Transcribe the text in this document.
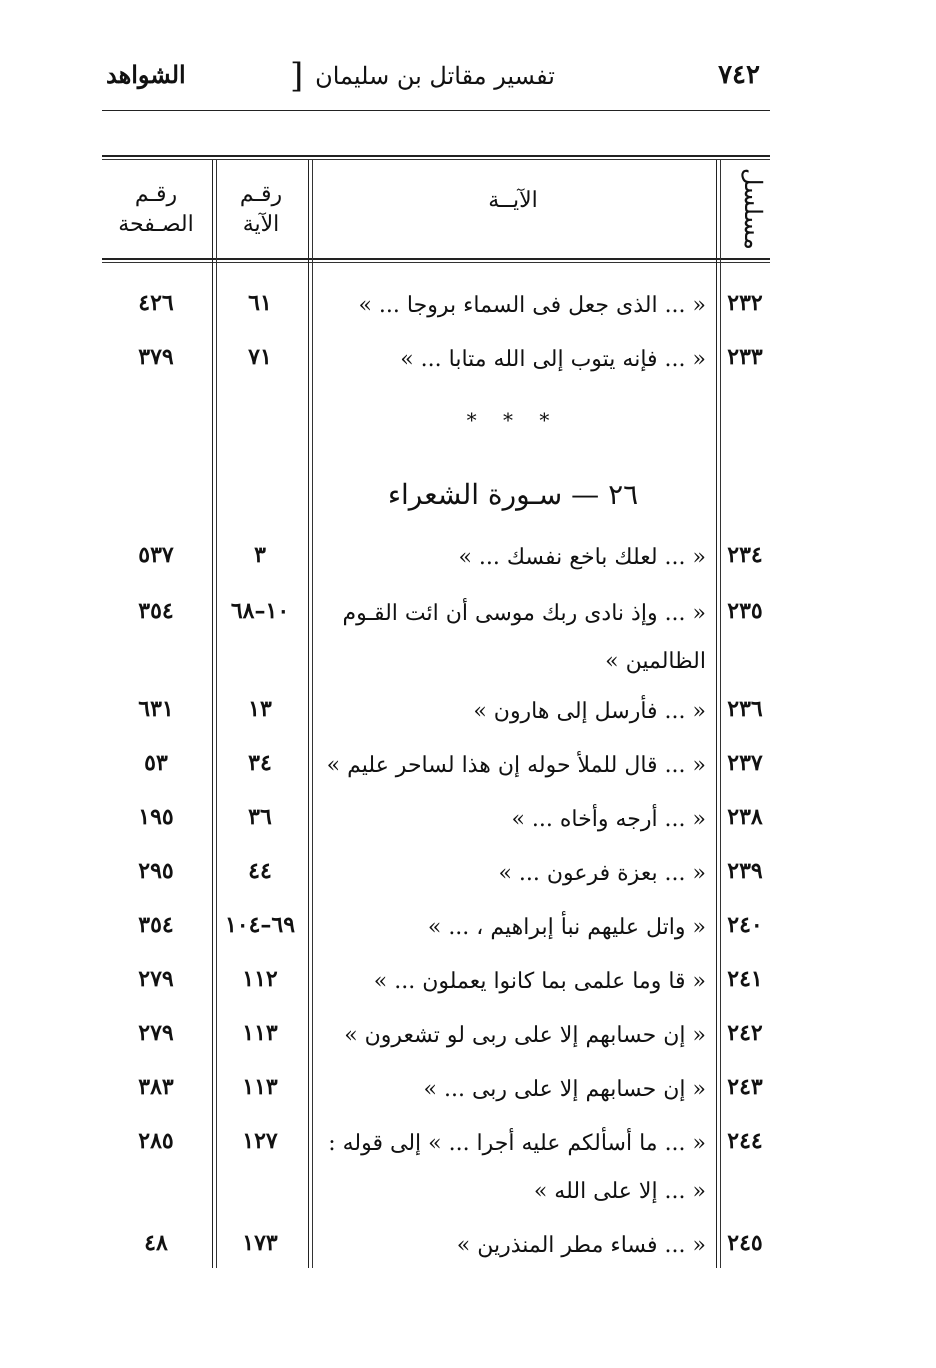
٧٤٢
تفسير مقاتل بن سليمان
[
الشواهد
مسلسل
الآيــة
رقـم
الآية
رقـم
الصـفحة
٢٣٢
« ... الذى جعل فى السماء بروجا ... »
٦١
٤٢٦
٢٣٣
« ... فإنه يتوب إلى الله متابا ... »
٧١
٣٧٩
* * *
٢٦ — سـورة الشعراء
٢٣٤
« ... لعلك باخع نفسك ... »
٣
٥٣٧
٢٣٥
« ... وإذ نادى ربك موسى أن ائت القـوم الظالمين »
١٠–٦٨
٣٥٤
٢٣٦
« ... فأرسل إلى هارون »
١٣
٦٣١
٢٣٧
« ... قال للملأ حوله إن هذا لساحر عليم »
٣٤
٥٣
٢٣٨
« ... أرجه وأخاه ... »
٣٦
١٩٥
٢٣٩
« ... بعزة فرعون ... »
٤٤
٢٩٥
٢٤٠
« واتل عليهم نبأ إبراهيم ، ... »
٦٩–١٠٤
٣٥٤
٢٤١
« قا وما علمى بما كانوا يعملون ... »
١١٢
٢٧٩
٢٤٢
« إن حسابهم إلا على ربى لو تشعرون »
١١٣
٢٧٩
٢٤٣
« إن حسابهم إلا على ربى ... »
١١٣
٣٨٣
٢٤٤
« ... ما أسألكم عليه أجرا ... » إلى قوله : « ... إلا على الله »
١٢٧
٢٨٥
٢٤٥
« ... فساء مطر المنذرين »
١٧٣
٤٨
